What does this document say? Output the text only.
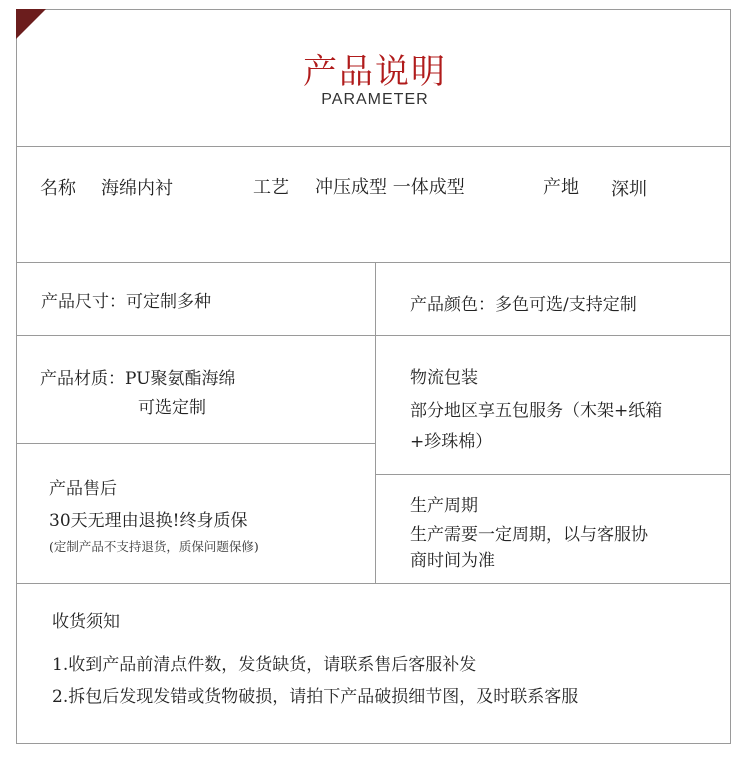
产品说明
PARAMETER
名称 海绵内衬	工艺 冲压成型 一体成型	产地 深圳
产品尺寸：可定制多种	产品颜色：多色可选/支持定制
产品材质：PU聚氨酯海绵
可选定制
物流包装
部分地区享五包服务（木架+纸箱
+珍珠棉）
产品售后
30天无理由退换!终身质保
(定制产品不支持退货，质保问题保修)
生产周期
生产需要一定周期，以与客服协
商时间为准
收货须知
1.收到产品前清点件数，发货缺货，请联系售后客服补发
2.拆包后发现发错或货物破损，请拍下产品破损细节图，及时联系客服
